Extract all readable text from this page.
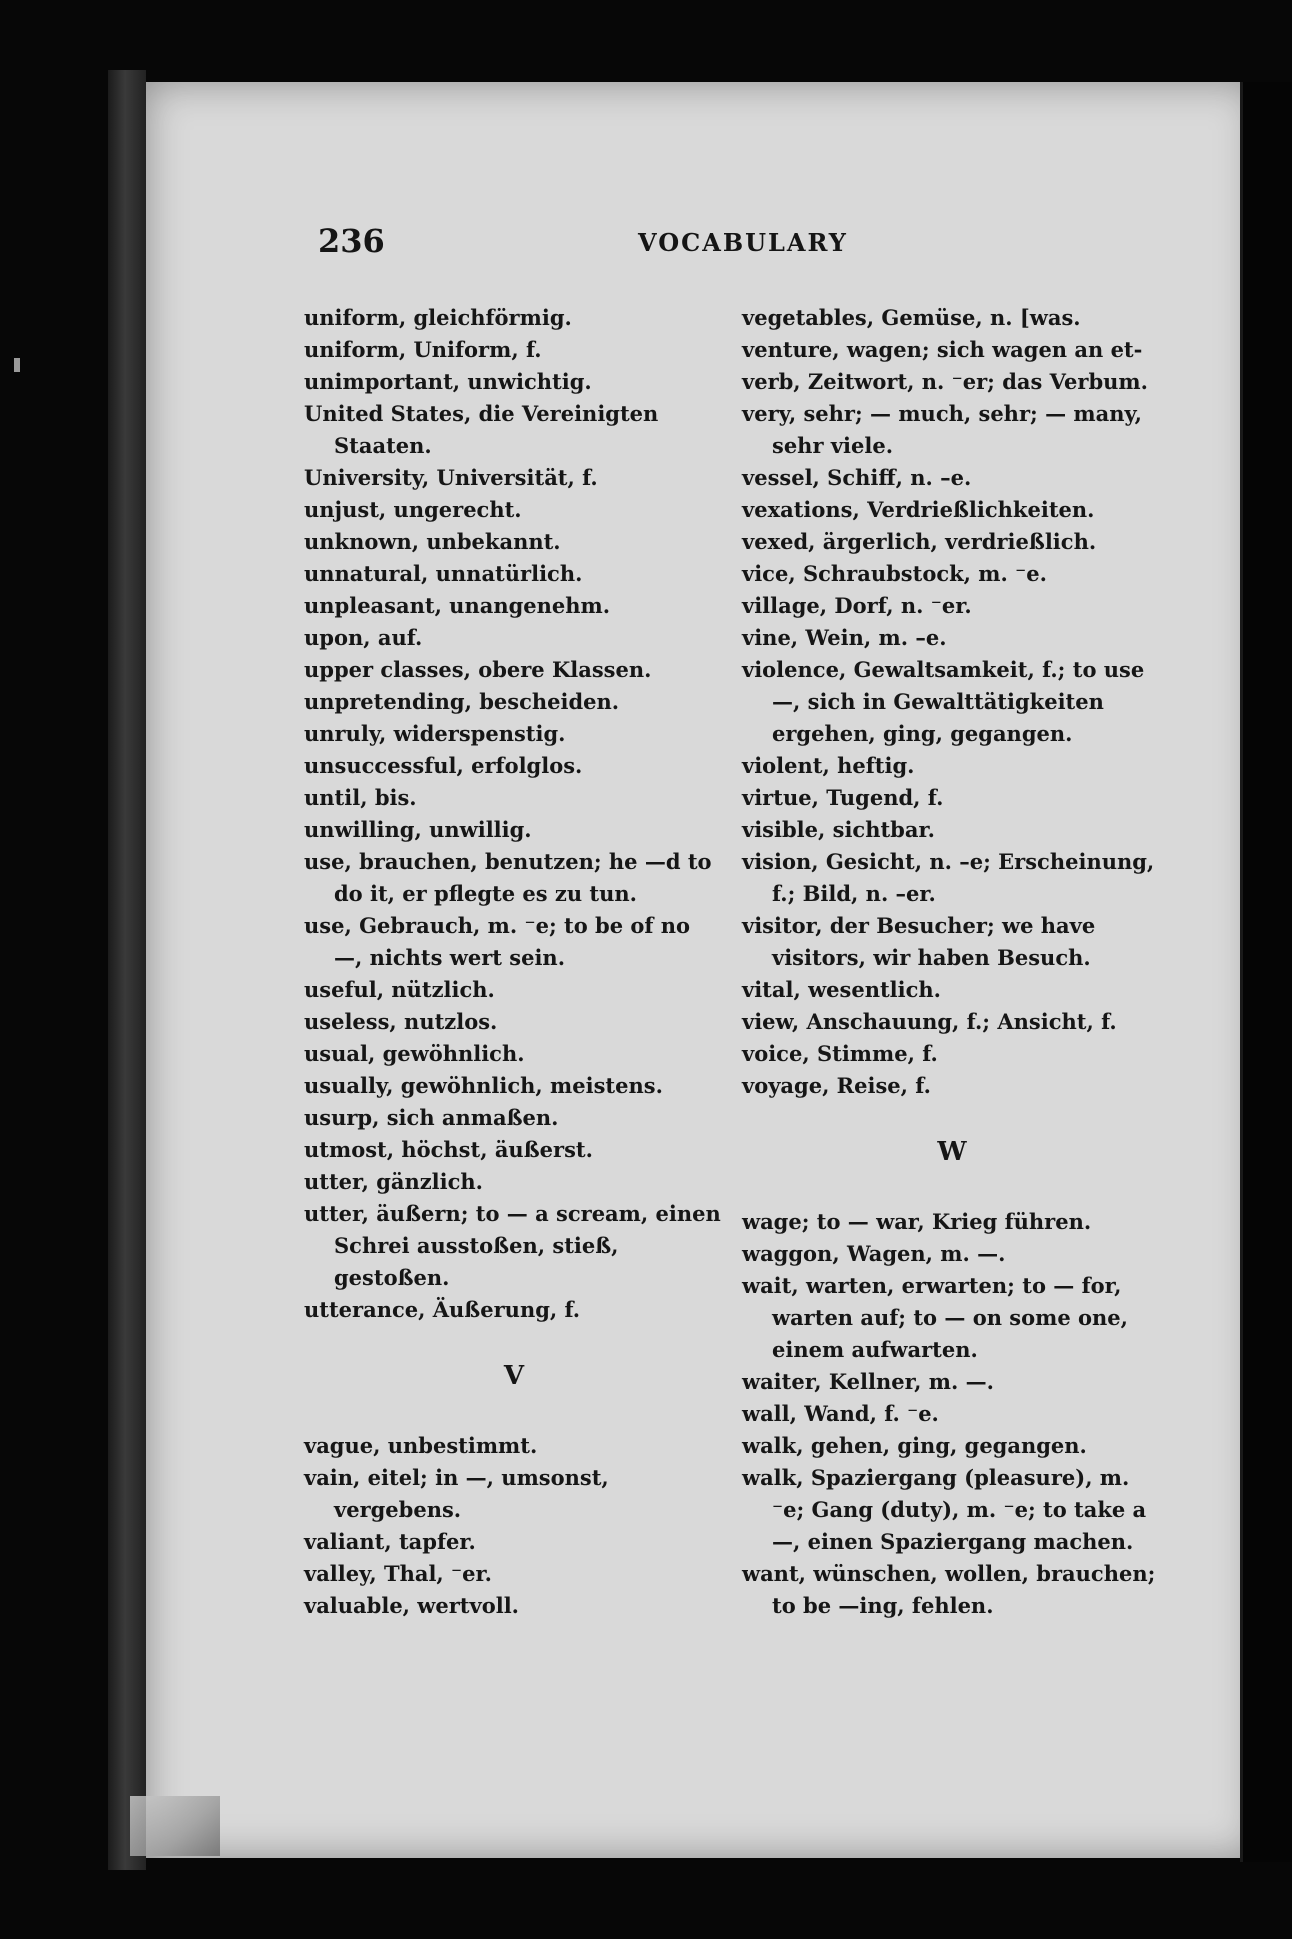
236	VOCABULARY

uniform, gleichförmig.

uniform, Uniform, f.

unimportant, unwichtig.

United States, die Vereinigten Staaten.

University, Universität, f.

unjust, ungerecht.

unknown, unbekannt.

unnatural, unnatürlich.

unpleasant, unangenehm.

upon, auf.

upper classes, obere Klassen.

unpretending, bescheiden.

unruly, widerspenstig.

unsuccessful, erfolglos.

until, bis.

unwilling, unwillig.

use, brauchen, benutzen; he —d to do it, er pflegte es zu tun.

use, Gebrauch, m. ⁻e; to be of no —, nichts wert sein.

useful, nützlich.

useless, nutzlos.

usual, gewöhnlich.

usually, gewöhnlich, meistens.

usurp, sich anmaßen.

utmost, höchst, äußerst.

utter, gänzlich.

utter, äußern; to — a scream, einen Schrei ausstoßen, stieß, gestoßen.

utterance, Äußerung, f.

V

vague, unbestimmt.

vain, eitel; in —, umsonst, vergebens.

valiant, tapfer.

valley, Thal, ⁻er.

valuable, wertvoll.

vegetables, Gemüse, n. [was.

venture, wagen; sich wagen an et-

verb, Zeitwort, n. ⁻er; das Verbum.

very, sehr; — much, sehr; — many, sehr viele.

vessel, Schiff, n. –e.

vexations, Verdrießlichkeiten.

vexed, ärgerlich, verdrießlich.

vice, Schraubstock, m. ⁻e.

village, Dorf, n. ⁻er.

vine, Wein, m. –e.

violence, Gewaltsamkeit, f.; to use —, sich in Gewalttätigkeiten ergehen, ging, gegangen.

violent, heftig.

virtue, Tugend, f.

visible, sichtbar.

vision, Gesicht, n. –e; Erscheinung, f.; Bild, n. –er.

visitor, der Besucher; we have visitors, wir haben Besuch.

vital, wesentlich.

view, Anschauung, f.; Ansicht, f.

voice, Stimme, f.

voyage, Reise, f.

W

wage; to — war, Krieg führen.

waggon, Wagen, m. —.

wait, warten, erwarten; to — for, warten auf; to — on some one, einem aufwarten.

waiter, Kellner, m. —.

wall, Wand, f. ⁻e.

walk, gehen, ging, gegangen.

walk, Spaziergang (pleasure), m. ⁻e; Gang (duty), m. ⁻e; to take a —, einen Spaziergang machen.

want, wünschen, wollen, brauchen; to be —ing, fehlen.
